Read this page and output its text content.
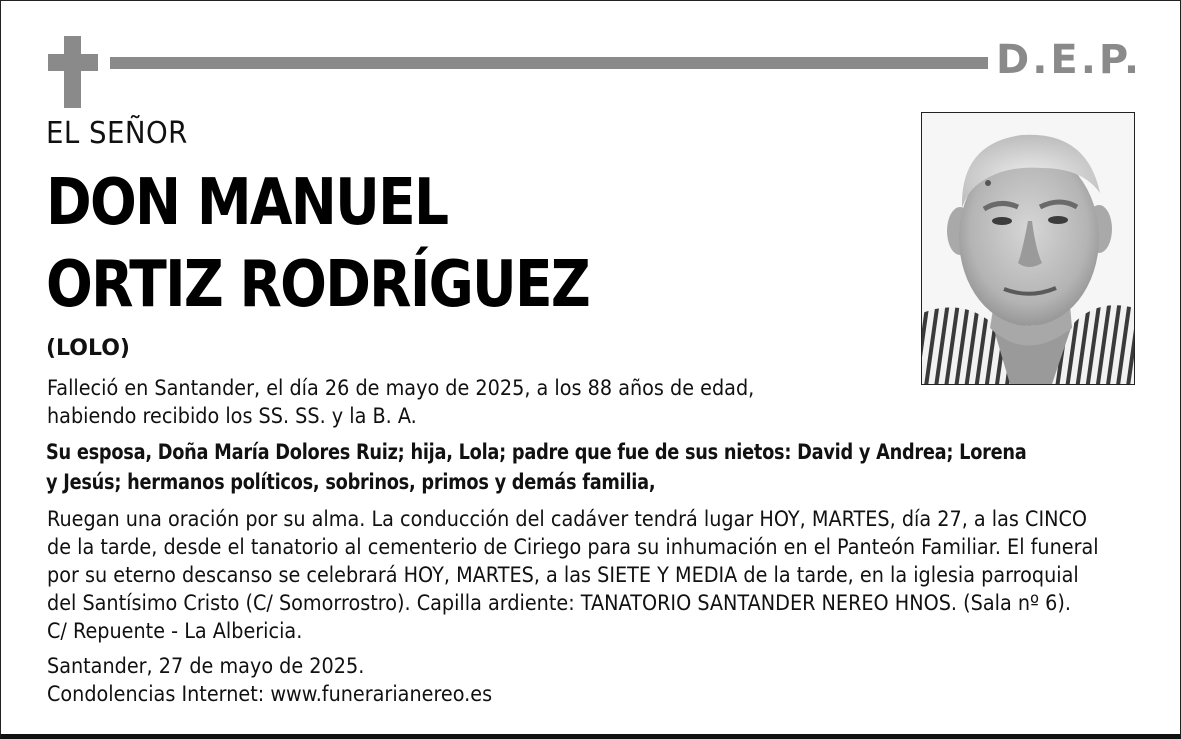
D.E.P.
EL SEÑOR
DON MANUEL
ORTIZ RODRÍGUEZ
(LOLO)
Falleció en Santander, el día 26 de mayo de 2025, a los 88 años de edad,
habiendo recibido los SS. SS. y la B. A.
Su esposa, Doña María Dolores Ruiz; hija, Lola; padre que fue de sus nietos: David y Andrea; Lorena
y Jesús; hermanos políticos, sobrinos, primos y demás familia,
Ruegan una oración por su alma. La conducción del cadáver tendrá lugar HOY, MARTES, día 27, a las CINCO
de la tarde, desde el tanatorio al cementerio de Ciriego para su inhumación en el Panteón Familiar. El funeral
por su eterno descanso se celebrará HOY, MARTES, a las SIETE Y MEDIA de la tarde, en la iglesia parroquial
del Santísimo Cristo (C/ Somorrostro). Capilla ardiente: TANATORIO SANTANDER NEREO HNOS. (Sala nº 6).
C/ Repuente - La Albericia.
Santander, 27 de mayo de 2025.
Condolencias Internet: www.funerarianereo.es
